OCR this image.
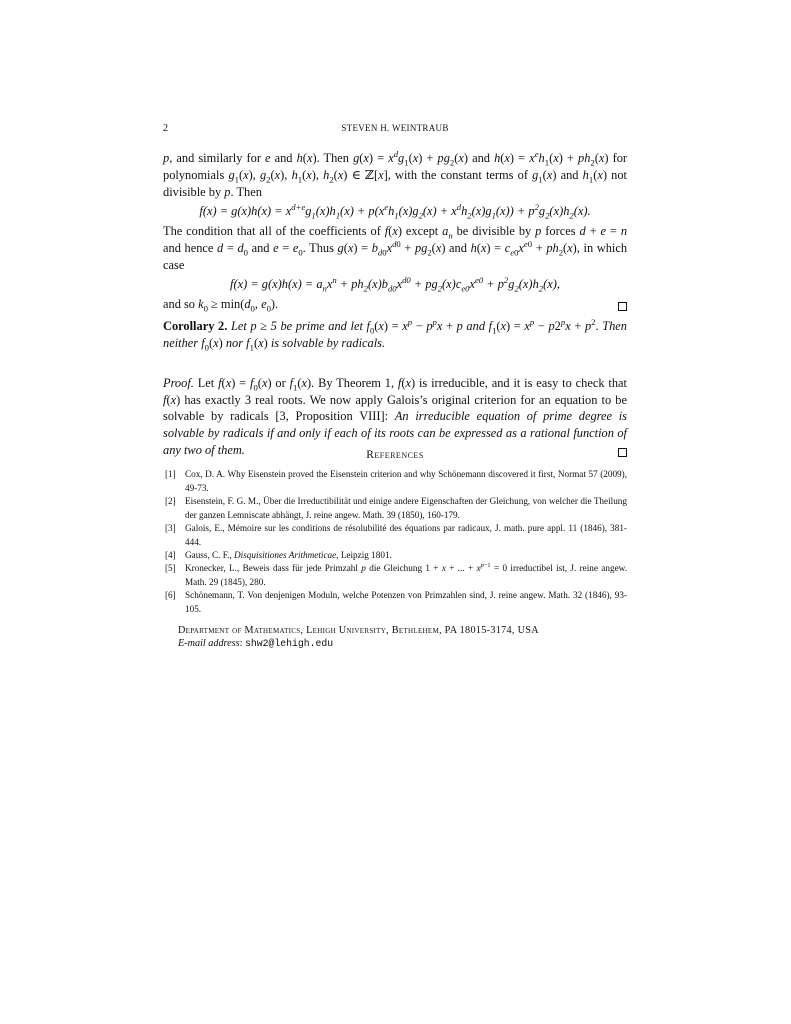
2	STEVEN H. WEINTRAUB
p, and similarly for e and h(x). Then $g(x) = x^dg_1(x) + pg_2(x)$ and $h(x) = x^eh_1(x) + ph_2(x)$ for polynomials $g_1(x)$, $g_2(x)$, $h_1(x)$, $h_2(x)$ ∈ ℤ[x], with the constant terms of $g_1(x)$ and $h_1(x)$ not divisible by p. Then
$f(x) = g(x)h(x) = x^{d+e}g_1(x)h_1(x) + p(x^eh_1(x)g_2(x) + x^dh_2(x)g_1(x)) + p^2g_2(x)h_2(x)$.
The condition that all of the coefficients of f(x) except $a_n$ be divisible by p forces d + e = n and hence $d = d_0$ and $e = e_0$. Thus $g(x) = b_{d0}x^{d0} + pg_2(x)$ and $h(x) = c_{e0}x^{e0} + ph_2(x)$, in which case
$f(x) = g(x)h(x) = a_nx^n + ph_2(x)b_{d0}x^{d0} + pg_2(x)c_{e0}x^{e0} + p^2g_2(x)h_2(x)$,
and so $k_0 \ge \min(d_0$, $e_0$).
Corollary 2. Let p ≥ 5 be prime and let $f_0(x) = x^p - p^px + p$ and $f_1(x) = x^p - p2^px + p^2$. Then neither $f_0(x)$ nor $f_1(x)$ is solvable by radicals.
Proof. Let $f(x) = f_0(x)$ or $f_1(x)$. By Theorem 1, f(x) is irreducible, and it is easy to check that f(x) has exactly 3 real roots. We now apply Galois’s original criterion for an equation to be solvable by radicals [3, Proposition VIII]: An irreducible equation of prime degree is solvable by radicals if and only if each of its roots can be expressed as a rational function of any two of them.	References
[1]	Cox, D. A. Why Eisenstein proved the Eisenstein criterion and why Schönemann discovered it first, Normat 57 (2009), 49-73.
[2]	Eisenstein, F. G. M., Über die Irreductibilität und einige andere Eigenschaften der Gleichung, von welcher die Theilung der ganzen Lemniscate abhängt, J. reine angew. Math. 39 (1850), 160-179.
[3]	Galois, E., Mémoire sur les conditions de résolubilité des équations par radicaux, J. math. pure appl. 11 (1846), 381-444.
[4]	Gauss, C. F., Disquisitiones Arithmeticae, Leipzig 1801.
[5]	Kronecker, L., Beweis dass für jede Primzahl p die Gleichung 1 + x + ... + $x^{p-1} = 0$ irreductibel ist, J. reine angew. Math. 29 (1845), 280.
[6]	Schönemann, T. Von denjenigen Moduln, welche Potenzen von Primzahlen sind, J. reine angew. Math. 32 (1846), 93-105.
Department of Mathematics, Lehigh University, Bethlehem, PA 18015-3174, USA
E-mail address: shw2@lehigh.edu
